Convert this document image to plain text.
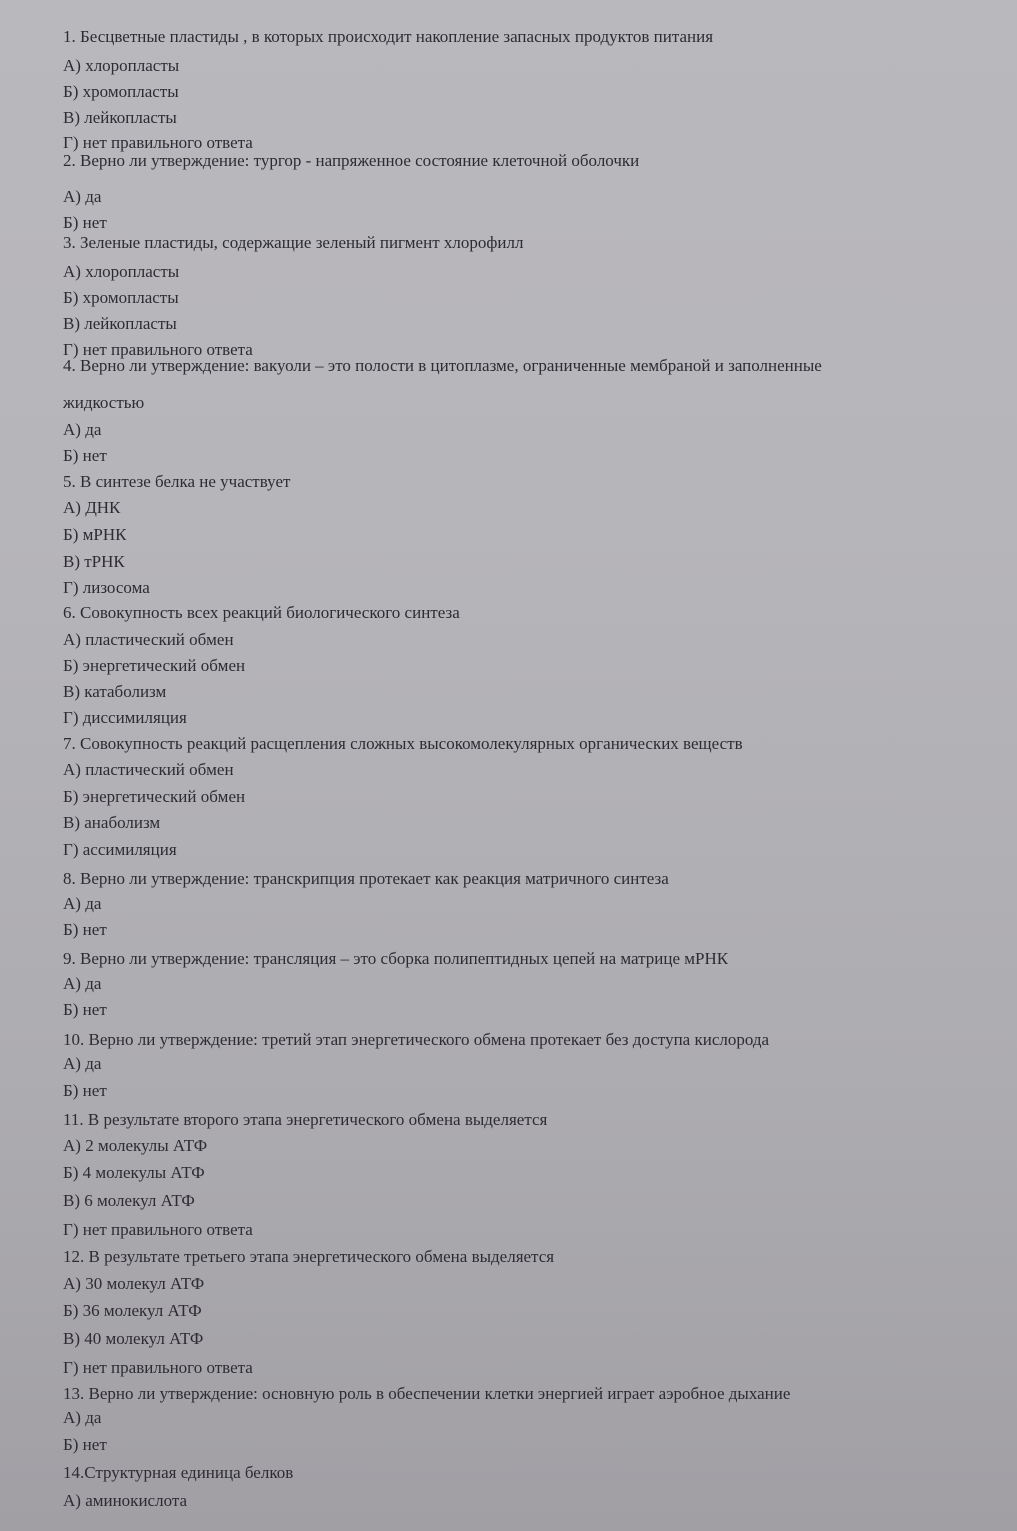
1. Бесцветные пластиды , в которых происходит накопление запасных продуктов питания
А) хлоропласты
Б) хромопласты
В) лейкопласты
Г) нет правильного ответа
2. Верно ли утверждение: тургор - напряженное состояние клеточной оболочки
А) да
Б) нет
3. Зеленые пластиды, содержащие зеленый пигмент хлорофилл
А) хлоропласты
Б) хромопласты
В) лейкопласты
Г) нет правильного ответа
4. Верно ли утверждение: вакуоли – это полости в цитоплазме, ограниченные мембраной и заполненные
жидкостью
А) да
Б) нет
5. В синтезе белка не участвует
А) ДНК
Б) мРНК
В) тРНК
Г) лизосома
6. Совокупность всех реакций биологического синтеза
А) пластический обмен
Б) энергетический обмен
В) катаболизм
Г) диссимиляция
7. Совокупность реакций расщепления сложных высокомолекулярных органических веществ
А) пластический обмен
Б) энергетический обмен
В) анаболизм
Г) ассимиляция
8. Верно ли утверждение: транскрипция протекает как реакция матричного синтеза
А) да
Б) нет
9. Верно ли утверждение: трансляция – это сборка полипептидных цепей на матрице мРНК
А) да
Б) нет
10. Верно ли утверждение: третий этап энергетического обмена протекает без доступа кислорода
А) да
Б) нет
11. В результате второго этапа энергетического обмена выделяется
А) 2 молекулы АТФ
Б) 4 молекулы АТФ
В) 6 молекул АТФ
Г) нет правильного ответа
12. В результате третьего этапа энергетического обмена выделяется
А) 30 молекул АТФ
Б) 36 молекул АТФ
В) 40 молекул АТФ
Г) нет правильного ответа
13. Верно ли утверждение: основную роль в обеспечении клетки энергией играет аэробное дыхание
А) да
Б) нет
14.Структурная единица белков
А) аминокислота
